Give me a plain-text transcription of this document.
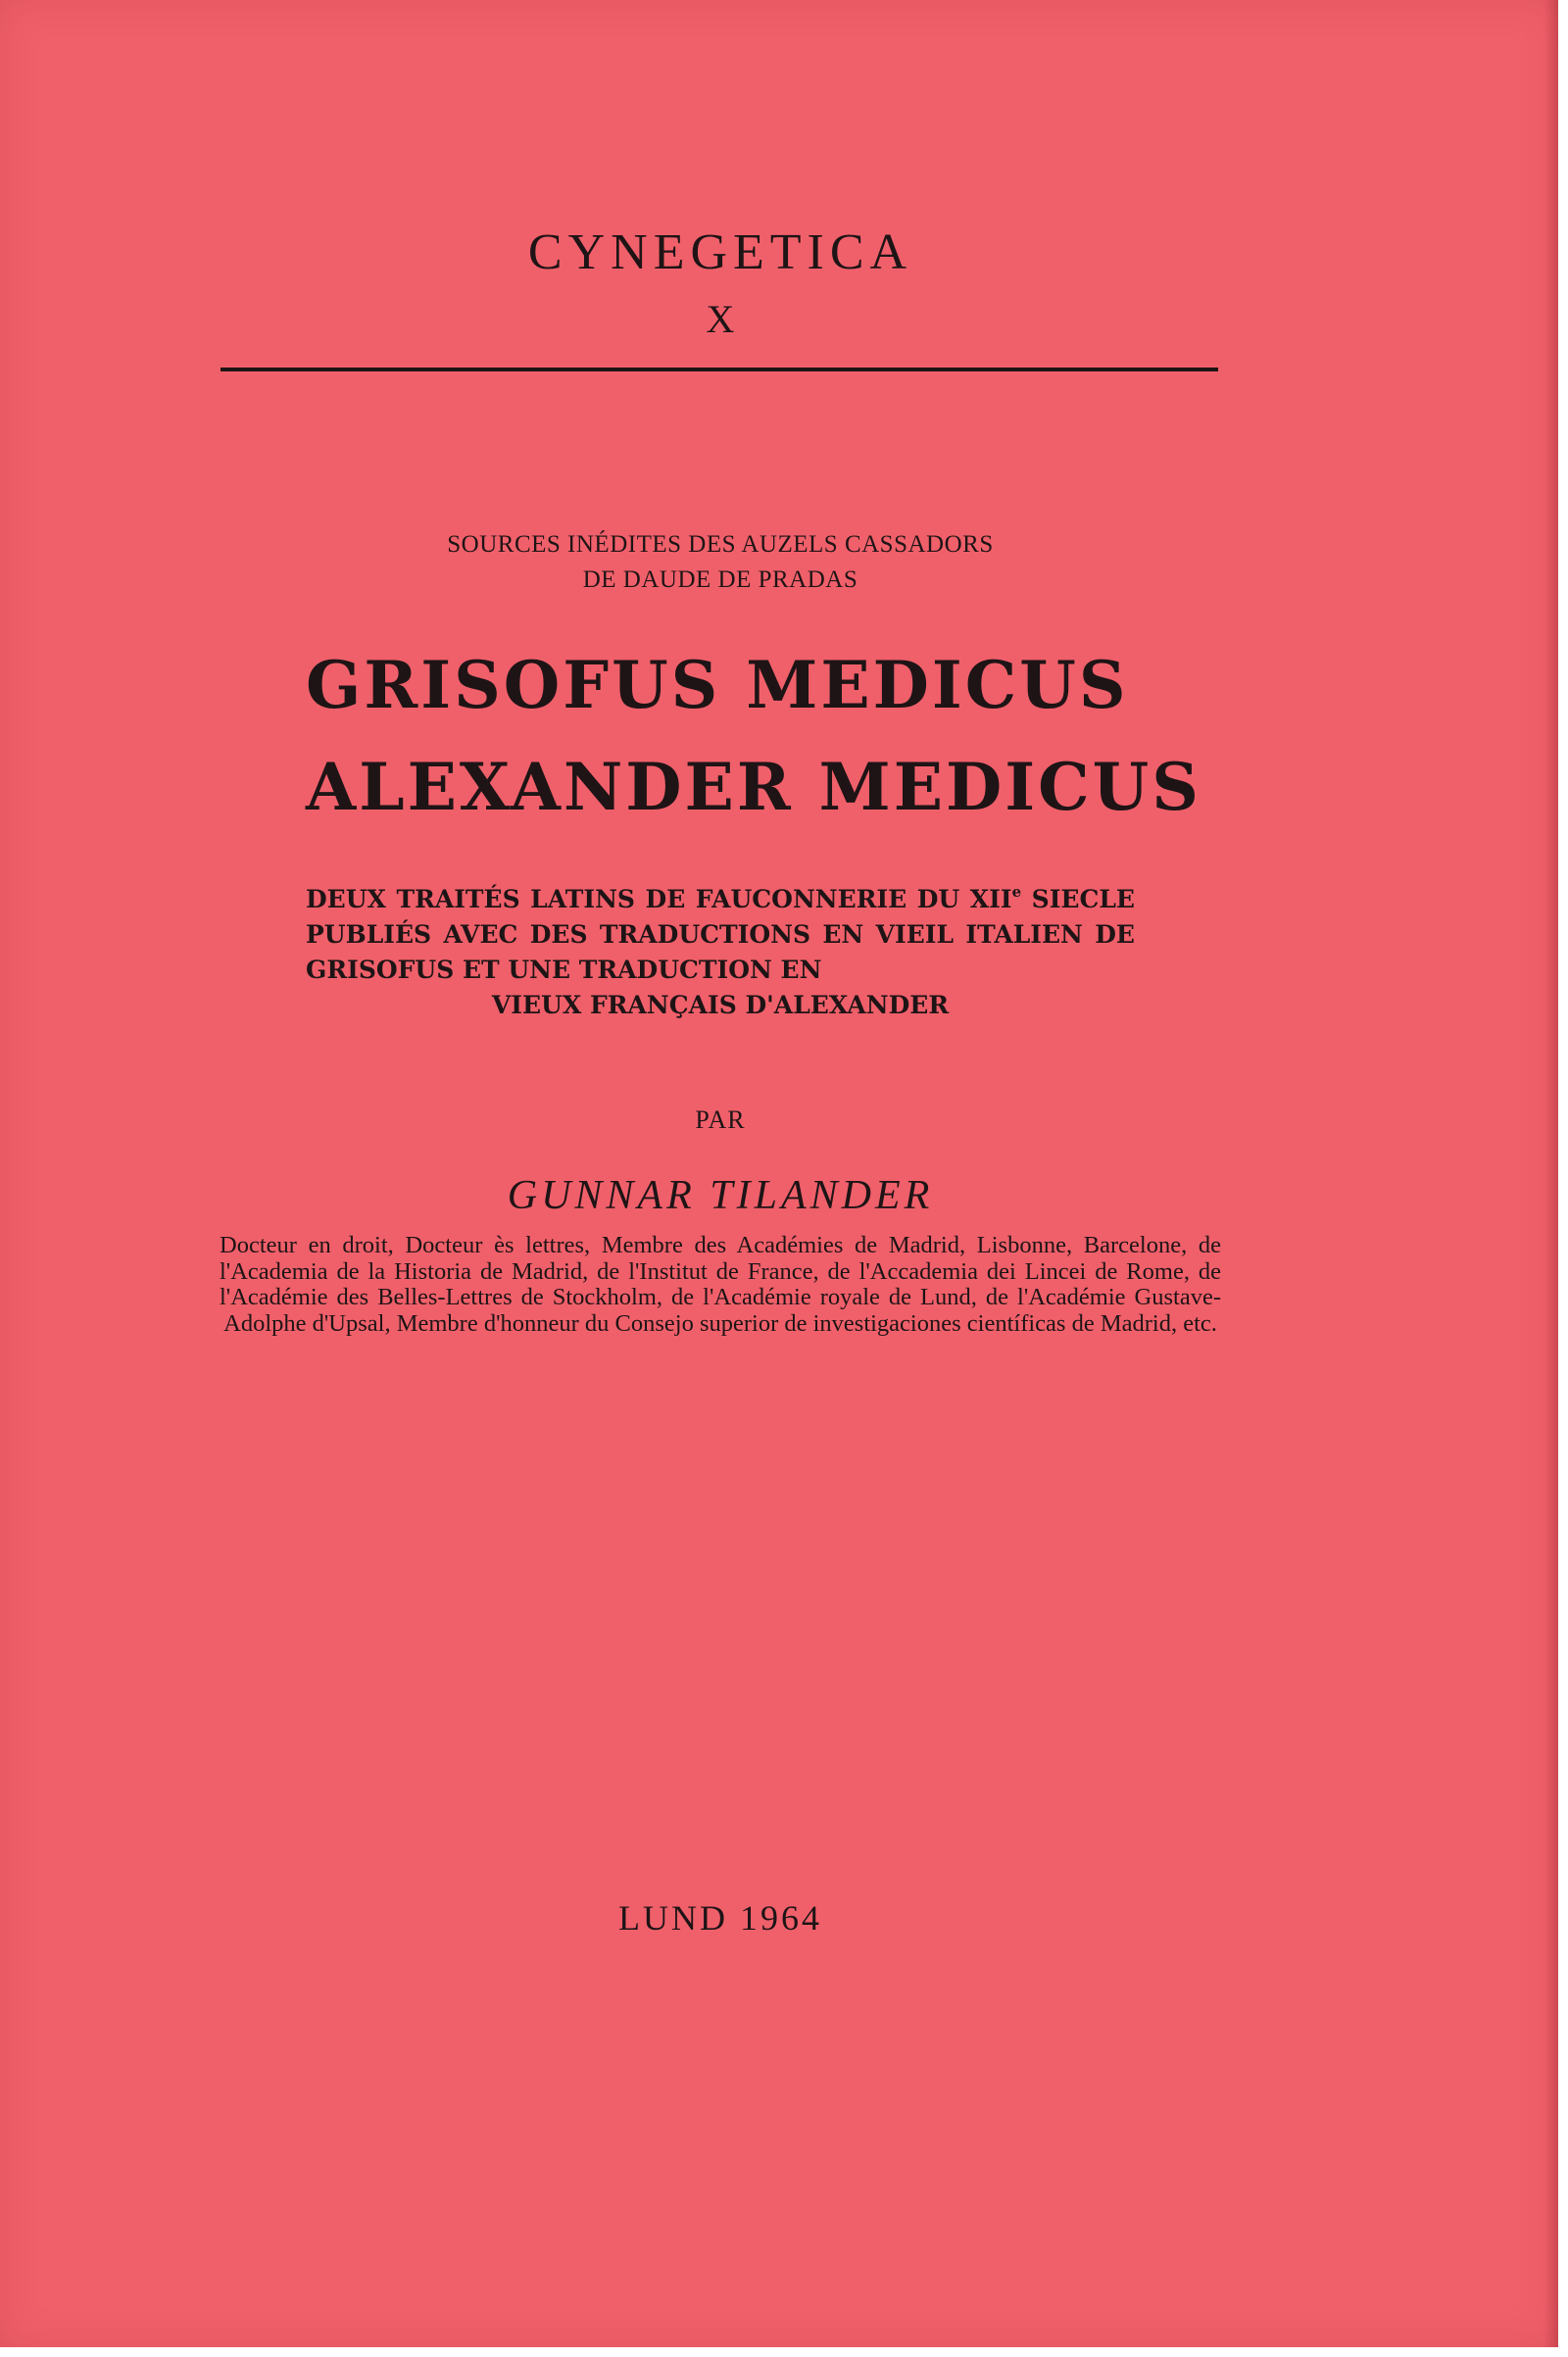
CYNEGETICA
X
SOURCES INÉDITES DES AUZELS CASSADORS
DE DAUDE DE PRADAS
GRISOFUS MEDICUS
ALEXANDER MEDICUS
DEUX TRAITÉS LATINS DE FAUCONNERIE DU XIIe SIECLE PUBLIÉS AVEC DES TRADUCTIONS EN VIEIL ITALIEN DE GRISOFUS ET UNE TRADUCTION EN
VIEUX FRANÇAIS D'ALEXANDER
PAR
GUNNAR TILANDER
Docteur en droit, Docteur ès lettres, Membre des Académies de Madrid, Lisbonne, Barcelone, de l'Academia de la Historia de Madrid, de l'Institut de France, de l'Accademia dei Lincei de Rome, de l'Académie des Belles-Lettres de Stockholm, de l'Académie royale de Lund, de l'Académie Gustave-Adolphe d'Upsal, Membre d'honneur du Consejo superior de investigaciones científicas de Madrid, etc.
LUND 1964
